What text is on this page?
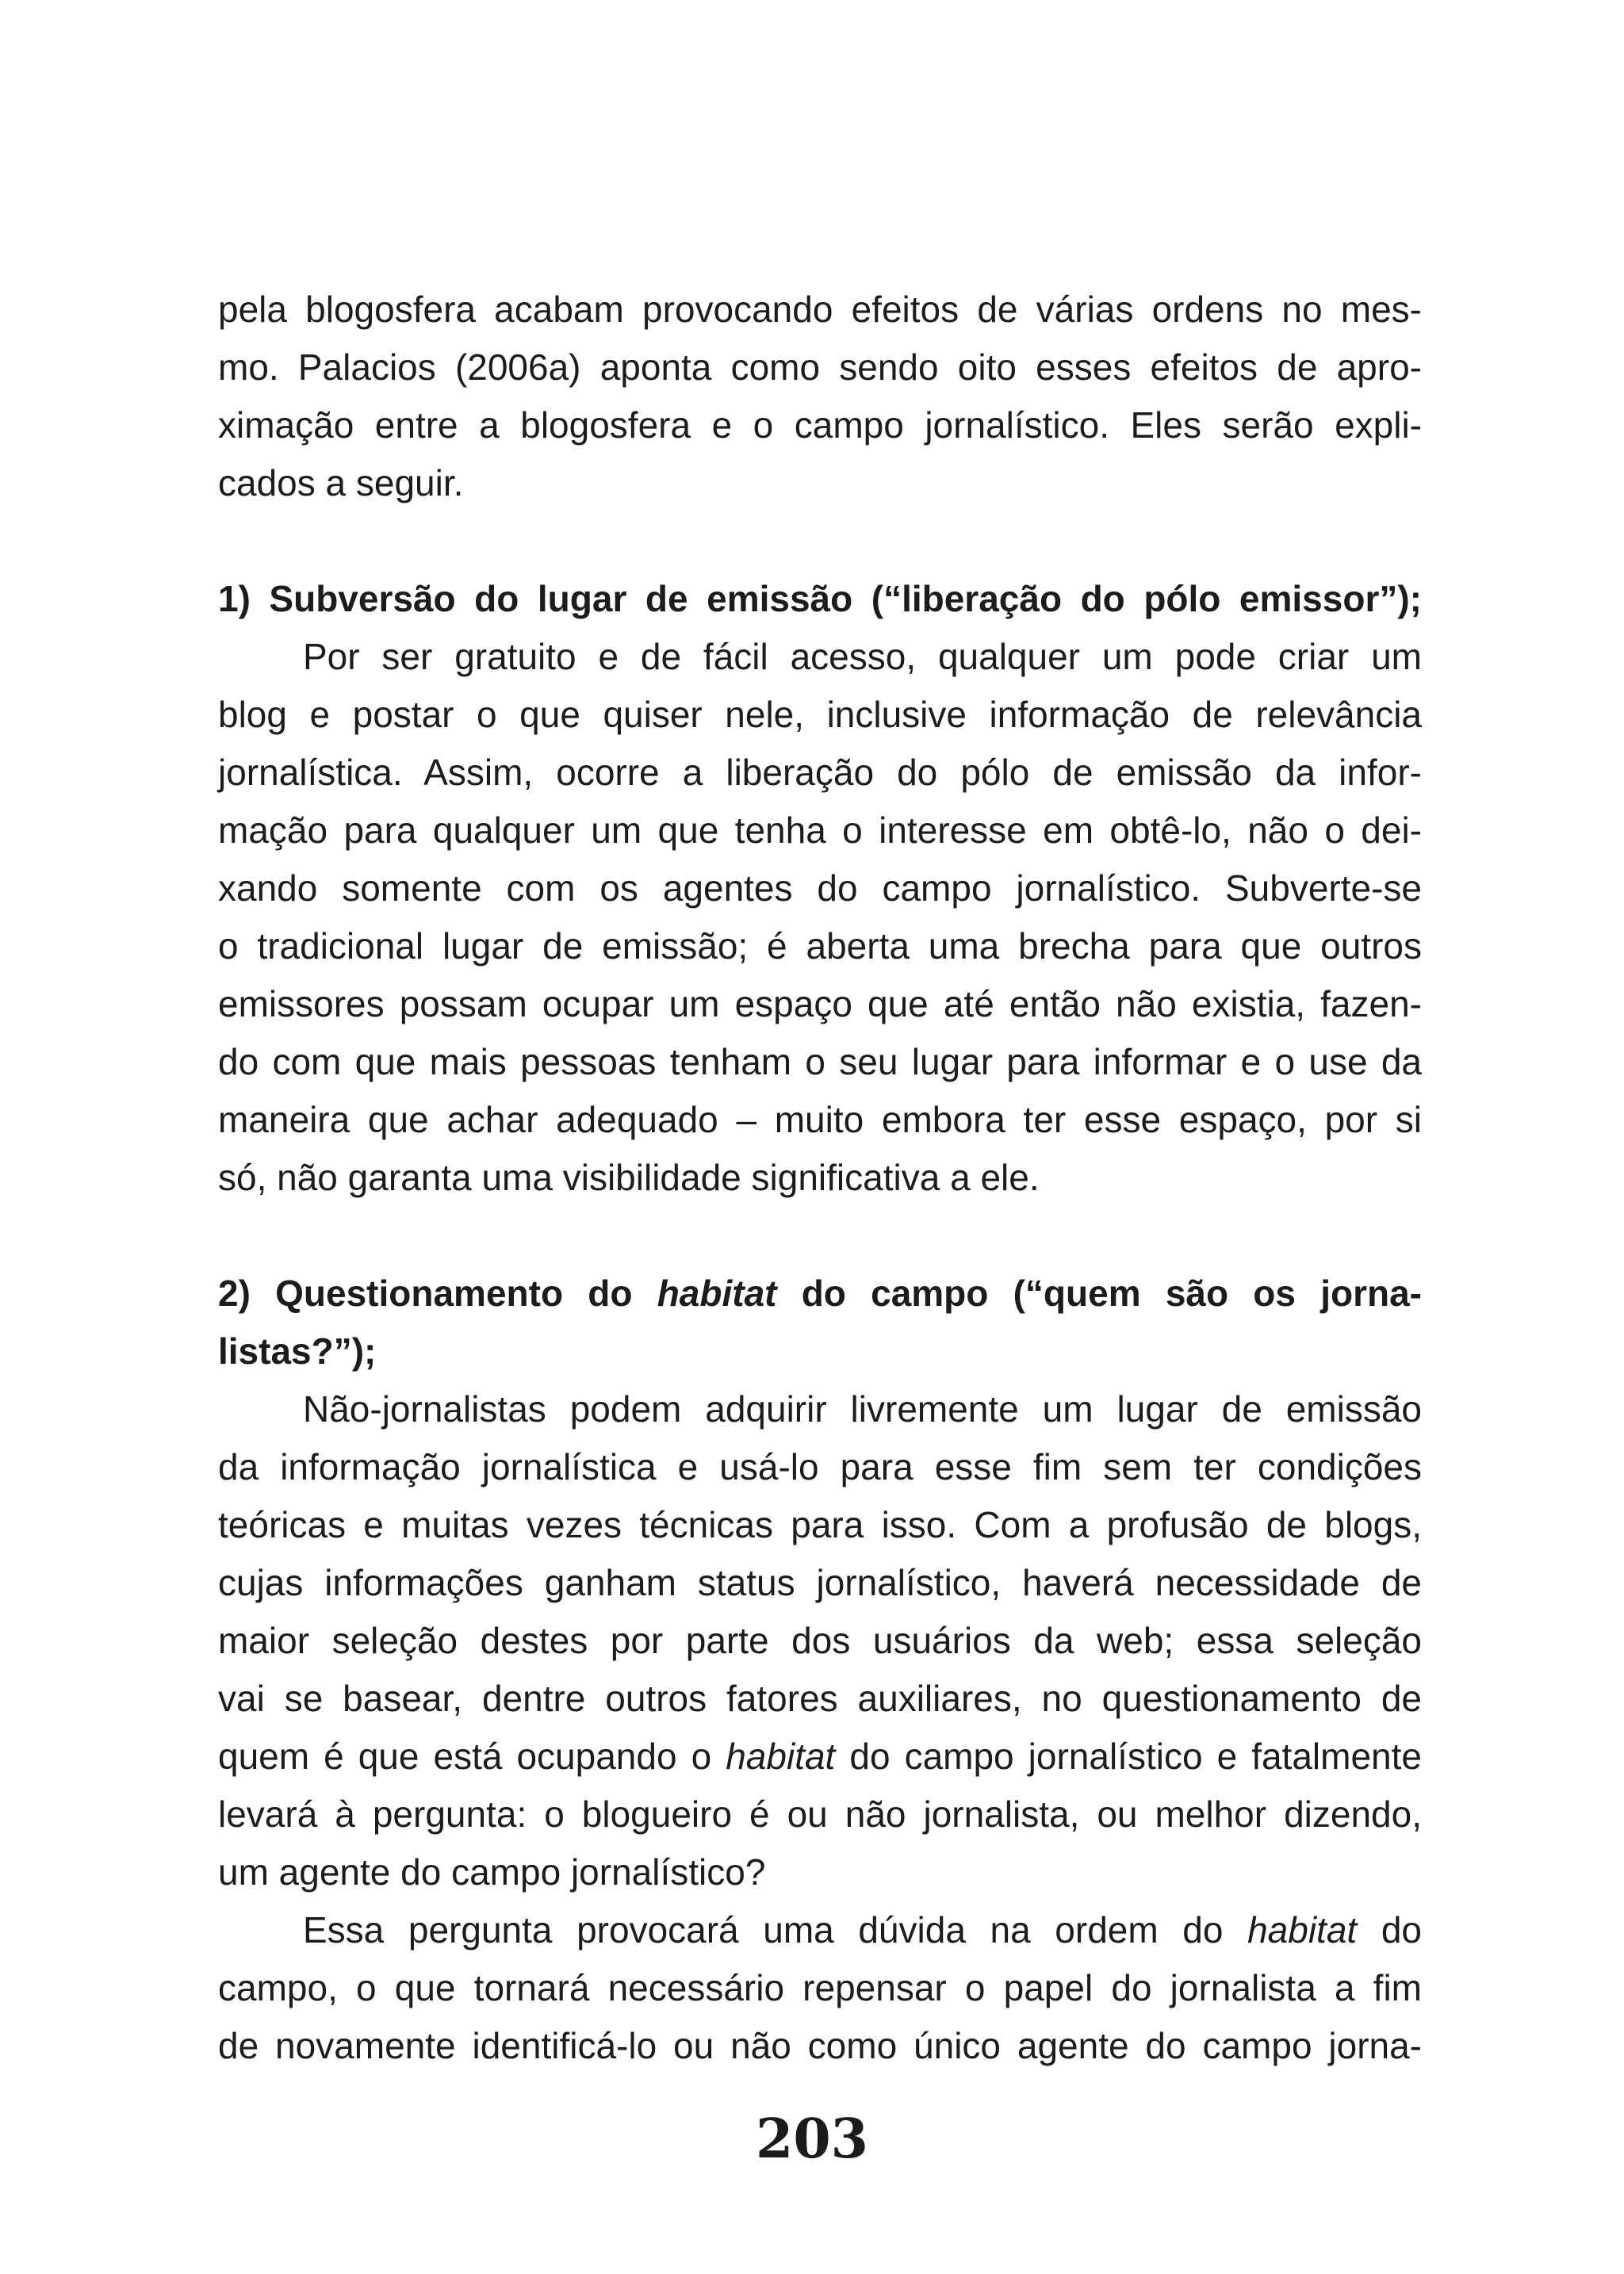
pela blogosfera acabam provocando efeitos de várias ordens no mes-
mo. Palacios (2006a) aponta como sendo oito esses efeitos de apro-
ximação entre a blogosfera e o campo jornalístico. Eles serão expli-
cados a seguir.
1) Subversão do lugar de emissão (“liberação do pólo emissor”);
Por ser gratuito e de fácil acesso, qualquer um pode criar um
blog e postar o que quiser nele, inclusive informação de relevância
jornalística. Assim, ocorre a liberação do pólo de emissão da infor-
mação para qualquer um que tenha o interesse em obtê-lo, não o dei-
xando somente com os agentes do campo jornalístico. Subverte-se
o tradicional lugar de emissão; é aberta uma brecha para que outros
emissores possam ocupar um espaço que até então não existia, fazen-
do com que mais pessoas tenham o seu lugar para informar e o use da
maneira que achar adequado – muito embora ter esse espaço, por si
só, não garanta uma visibilidade significativa a ele.
2) Questionamento do habitat do campo (“quem são os jorna-
listas?”);
Não-jornalistas podem adquirir livremente um lugar de emissão
da informação jornalística e usá-lo para esse fim sem ter condições
teóricas e muitas vezes técnicas para isso. Com a profusão de blogs,
cujas informações ganham status jornalístico, haverá necessidade de
maior seleção destes por parte dos usuários da web; essa seleção
vai se basear, dentre outros fatores auxiliares, no questionamento de
quem é que está ocupando o habitat do campo jornalístico e fatalmente
levará à pergunta: o blogueiro é ou não jornalista, ou melhor dizendo,
um agente do campo jornalístico?
Essa pergunta provocará uma dúvida na ordem do habitat do
campo, o que tornará necessário repensar o papel do jornalista a fim
de novamente identificá-lo ou não como único agente do campo jorna-
203
